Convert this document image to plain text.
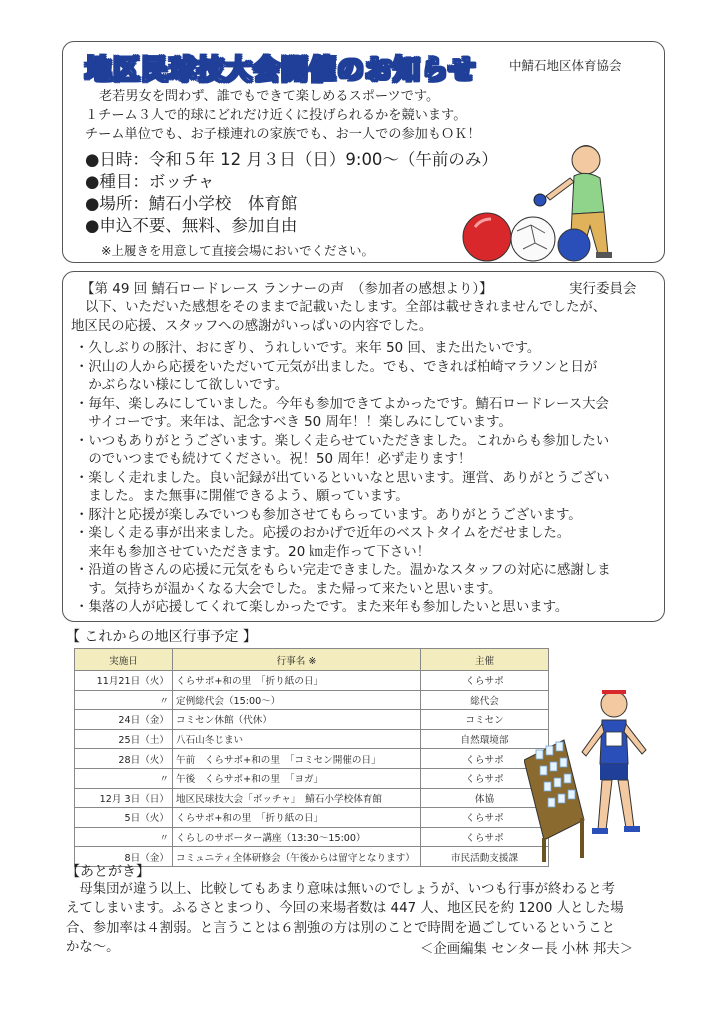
地区民球技大会開催のお知らせ	中鯖石地区体育協会
老若男女を問わず、誰でもできて楽しめるスポーツです。
１チーム３人で的球にどれだけ近くに投げられるかを競います。
チーム単位でも、お子様連れの家族でも、お一人での参加もＯＫ！
●日時：令和５年 12 月３日（日）9:00～（午前のみ）
●種目：ボッチャ
●場所：鯖石小学校　体育館
●申込不要、無料、参加自由
※上履きを用意して直接会場においでください。
【第 49 回 鯖石ロードレース ランナーの声　（参加者の感想より）】	実行委員会
以下、いただいた感想をそのままで記載いたします。全部は載せきれませんでしたが、
地区民の応援、スタッフへの感謝がいっぱいの内容でした。
・久しぶりの豚汁、おにぎり、うれしいです。来年 50 回、また出たいです。
・沢山の人から応援をいただいて元気が出ました。でも、できれば柏崎マラソンと日が
　かぶらない様にして欲しいです。
・毎年、楽しみにしていました。今年も参加できてよかったです。鯖石ロードレース大会
　サイコーです。来年は、記念すべき 50 周年！！楽しみにしています。
・いつもありがとうございます。楽しく走らせていただきました。これからも参加したい
　のでいつまでも続けてください。祝！50 周年！必ず走ります！
・楽しく走れました。良い記録が出ているといいなと思います。運営、ありがとうござい
　ました。また無事に開催できるよう、願っています。
・豚汁と応援が楽しみでいつも参加させてもらっています。ありがとうございます。
・楽しく走る事が出来ました。応援のおかげで近年のベストタイムをだせました。
　来年も参加させていただきます。20 ㎞走作って下さい！
・沿道の皆さんの応援に元気をもらい完走できました。温かなスタッフの対応に感謝しま
　す。気持ちが温かくなる大会でした。また帰って来たいと思います。
・集落の人が応援してくれて楽しかったです。また来年も参加したいと思います。
【 これからの地区行事予定 】
実施日	行事名 ※	主催
11月21日（火）	くらサポ+和の里　「折り紙の日」	くらサポ
〃	定例総代会（15:00～）	総代会
24日（金）	コミセン休館（代休）	コミセン
25日（土）	八石山冬じまい	自然環境部
28日（火）	午前　くらサポ+和の里　「コミセン開催の日」	くらサポ
〃	午後　くらサポ+和の里　「ヨガ」	くらサポ
12月 3日（日）	地区民球技大会「ボッチャ」　鯖石小学校体育館	体協
5日（火）	くらサポ+和の里　「折り紙の日」	くらサポ
〃	くらしのサポーター講座（13:30～15:00）	くらサポ
8日（金）	コミュニティ全体研修会（午後からは留守となります）	市民活動支援課
【あとがき】
　母集団が違う以上、比較してもあまり意味は無いのでしょうが、いつも行事が終わると考
えてしまいます。ふるさとまつり、今回の来場者数は 447 人、地区民を約 1200 人とした場
合、参加率は４割弱。と言うことは６割強の方は別のことで時間を過ごしているということ
かな～。	＜企画編集 センター長 小林 邦夫＞
